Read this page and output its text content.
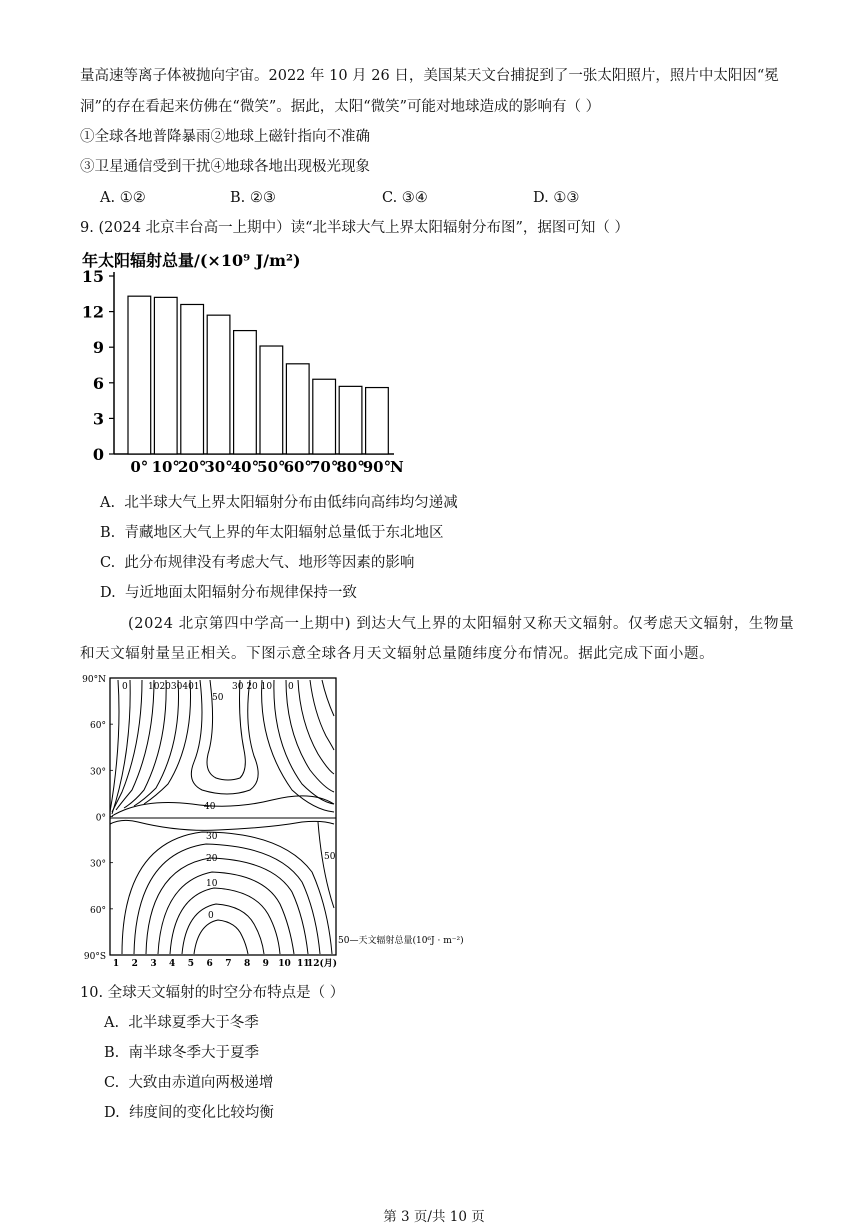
量高速等离子体被抛向宇宙。2022 年 10 月 26 日，美国某天文台捕捉到了一张太阳照片，照片中太阳因“冕
洞”的存在看起来仿佛在“微笑”。据此，太阳“微笑”可能对地球造成的影响有（ ）
①全球各地普降暴雨②地球上磁针指向不准确
③卫星通信受到干扰④地球各地出现极光现象
A. ①②	B. ②③	C. ③④	D. ①③
9. (2024 北京丰台高一上期中）读“北半球大气上界太阳辐射分布图”，据图可知（ ）
年太阳辐射总量/(×10⁹ J/m²)
0
3
6
9
12
15
0° 10°
20°
30°
40°
50°
60°
70°
80°
90°
N
A. 北半球大气上界太阳辐射分布由低纬向高纬均匀递减
B. 青藏地区大气上界的年太阳辐射总量低于东北地区
C. 此分布规律没有考虑大气、地形等因素的影响
D. 与近地面太阳辐射分布规律保持一致
(2024 北京第四中学高一上期中) 到达大气上界的太阳辐射又称天文辐射。仅考虑天文辐射，生物量
和天文辐射量呈正相关。下图示意全球各月天文辐射总量随纬度分布情况。据此完成下面小题。
90°N
60°
30°
0°
30°
60°
90°S
1 2 3 4 5 6 7 8 9 10 11
12(月)
0 102030401	30 20 10 0
50
40
30
20
10
0
50
50—天文辐射总量(10⁶J · m⁻²)
10. 全球天文辐射的时空分布特点是（ ）
A. 北半球夏季大于冬季
B. 南半球冬季大于夏季
C. 大致由赤道向两极递增
D. 纬度间的变化比较均衡
第 3 页/共 10 页
